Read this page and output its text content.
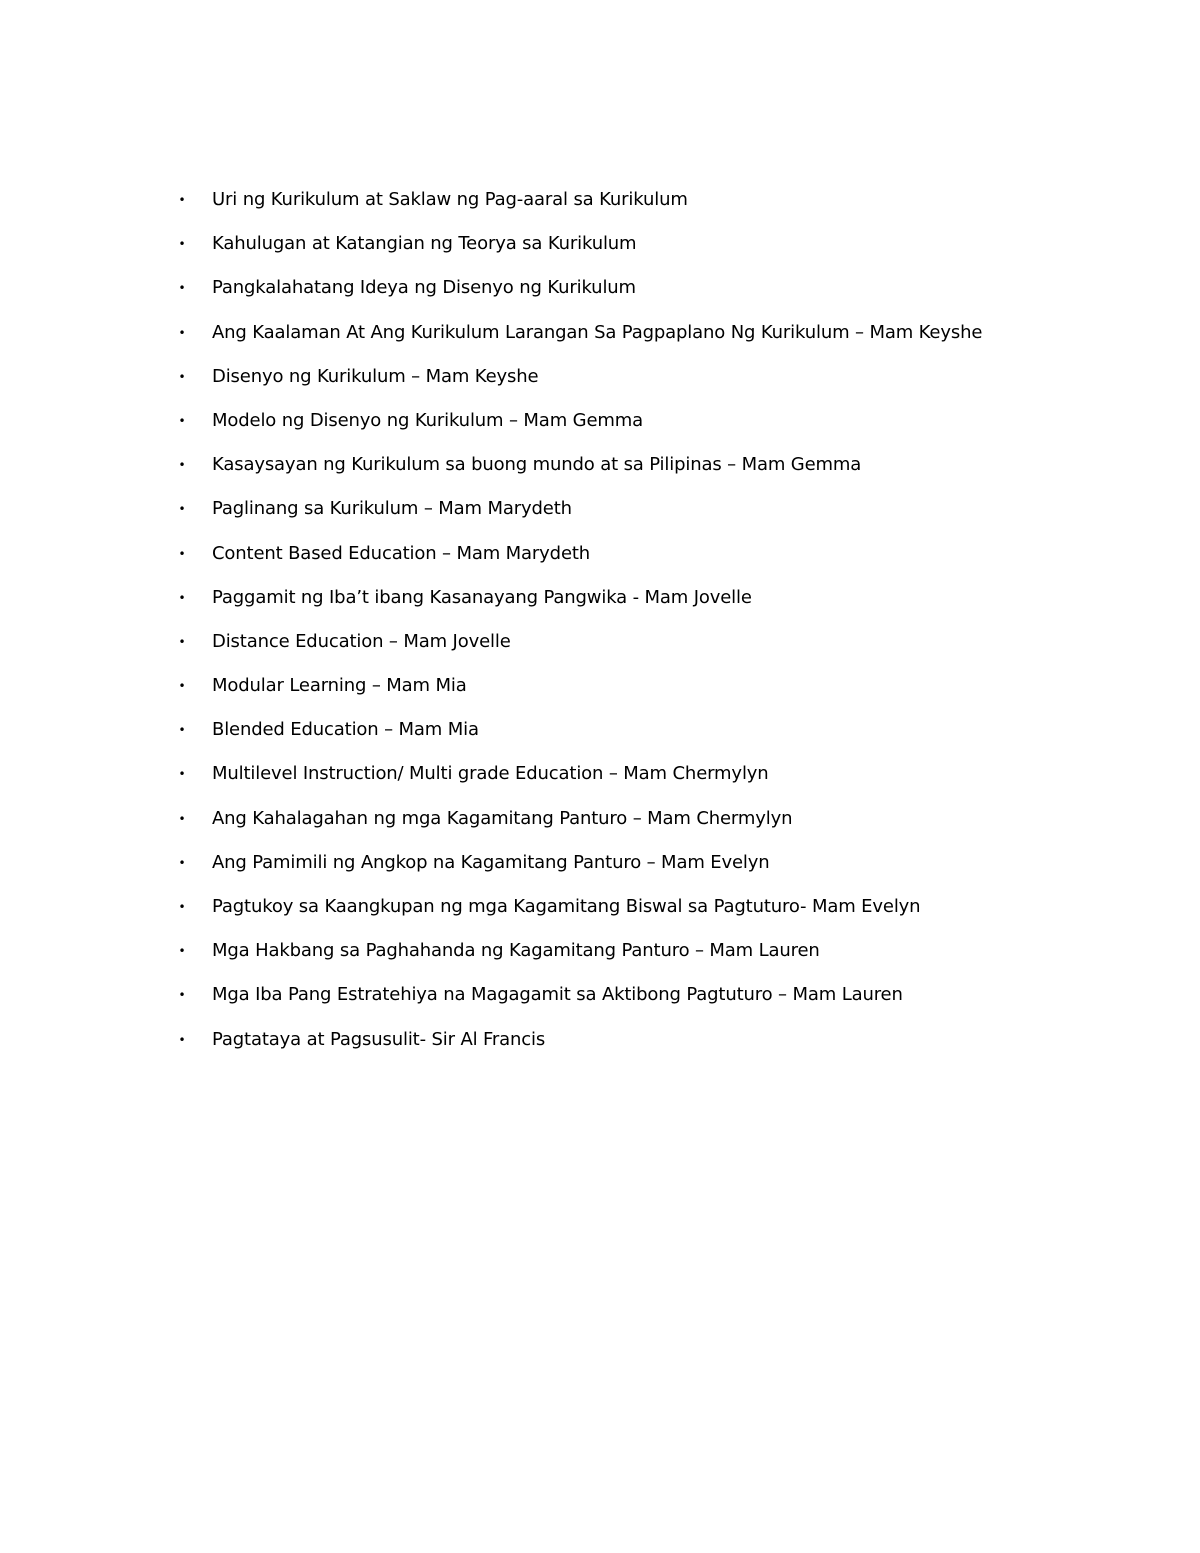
• Uri ng Kurikulum at Saklaw ng Pag-aaral sa Kurikulum
• Kahulugan at Katangian ng Teorya sa Kurikulum
• Pangkalahatang Ideya ng Disenyo ng Kurikulum
• Ang Kaalaman At Ang Kurikulum Larangan Sa Pagpaplano Ng Kurikulum – Mam Keyshe
• Disenyo ng Kurikulum – Mam Keyshe
• Modelo ng Disenyo ng Kurikulum – Mam Gemma
• Kasaysayan ng Kurikulum sa buong mundo at sa Pilipinas – Mam Gemma
• Paglinang sa Kurikulum – Mam Marydeth
• Content Based Education – Mam Marydeth
• Paggamit ng Iba’t ibang Kasanayang Pangwika - Mam Jovelle
• Distance Education – Mam Jovelle
• Modular Learning – Mam Mia
• Blended Education – Mam Mia
• Multilevel Instruction/ Multi grade Education – Mam Chermylyn
• Ang Kahalagahan ng mga Kagamitang Panturo – Mam Chermylyn
• Ang Pamimili ng Angkop na Kagamitang Panturo – Mam Evelyn
• Pagtukoy sa Kaangkupan ng mga Kagamitang Biswal sa Pagtuturo- Mam Evelyn
• Mga Hakbang sa Paghahanda ng Kagamitang Panturo – Mam Lauren
• Mga Iba Pang Estratehiya na Magagamit sa Aktibong Pagtuturo – Mam Lauren
• Pagtataya at Pagsusulit- Sir Al Francis
